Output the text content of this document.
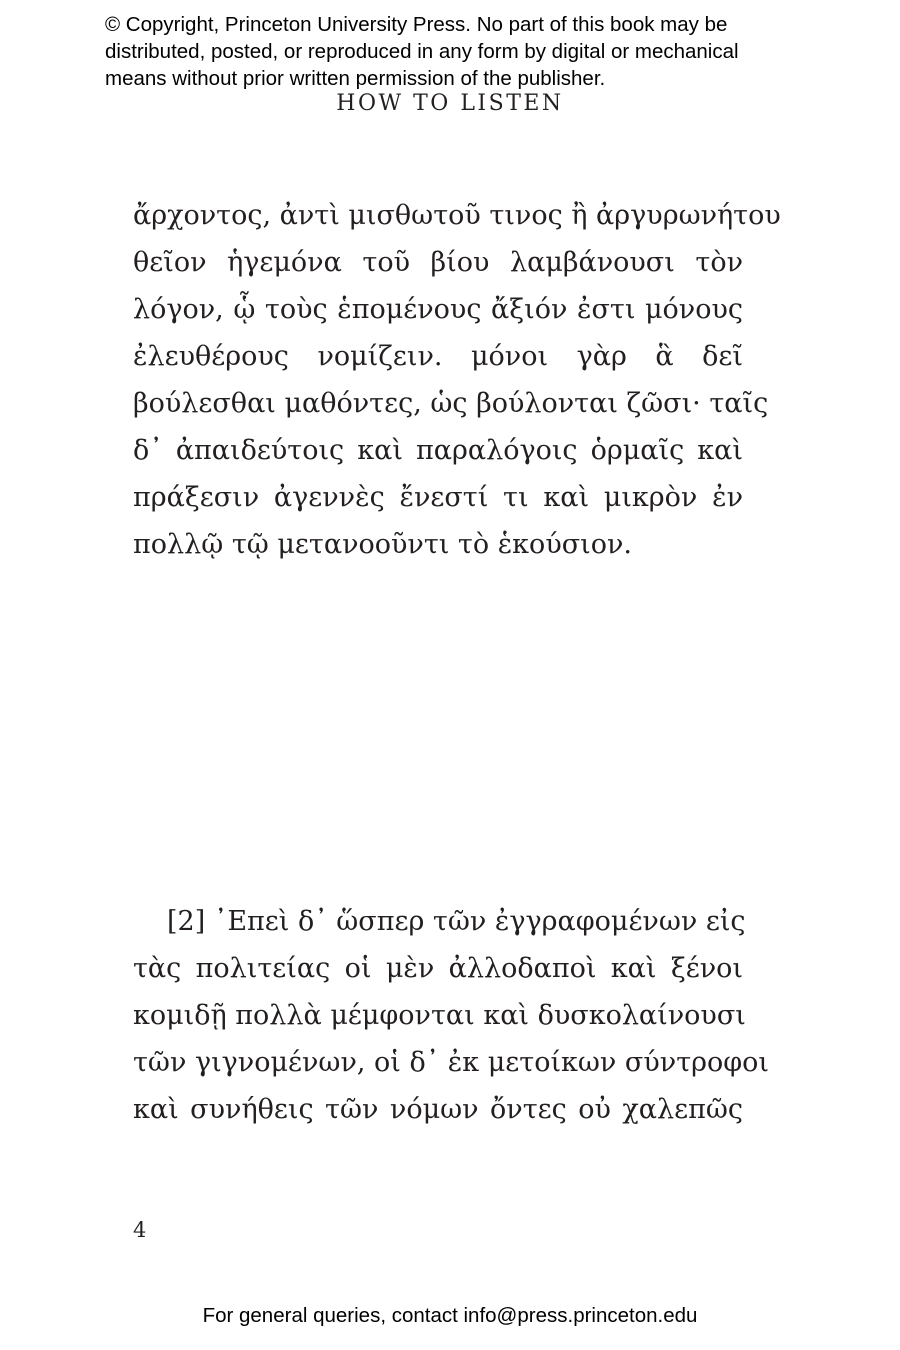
© Copyright, Princeton University Press. No part of this book may be
distributed, posted, or reproduced in any form by digital or mechanical
means without prior written permission of the publisher.
HOW TO LISTEN
ἄρχοντος, ἀντὶ μισθωτοῦ τινος ἢ ἀργυρωνήτου
θεῖον ἡγεμόνα τοῦ βίου λαμβάνουσι τὸν
λόγον, ᾧ τοὺς ἑπομένους ἄξιόν ἐστι μόνους
ἐλευθέρους νομίζειν. μόνοι γὰρ ἃ δεῖ
βούλεσθαι μαθόντες, ὡς βούλονται ζῶσι· ταῖς
δ᾽ ἀπαιδεύτοις καὶ παραλόγοις ὁρμαῖς καὶ
πράξεσιν ἀγεννὲς ἔνεστί τι καὶ μικρὸν ἐν
πολλῷ τῷ μετανοοῦντι τὸ ἑκούσιον.
[2] ᾽Επεὶ δ᾽ ὥσπερ τῶν ἐγγραφομένων εἰς
τὰς πολιτείας οἱ μὲν ἀλλοδαποὶ καὶ ξένοι
κομιδῇ πολλὰ μέμφονται καὶ δυσκολαίνουσι
τῶν γιγνομένων, οἱ δ᾽ ἐκ μετοίκων σύντροφοι
καὶ συνήθεις τῶν νόμων ὄντες οὐ χαλεπῶς
4
For general queries, contact info@press.princeton.edu
